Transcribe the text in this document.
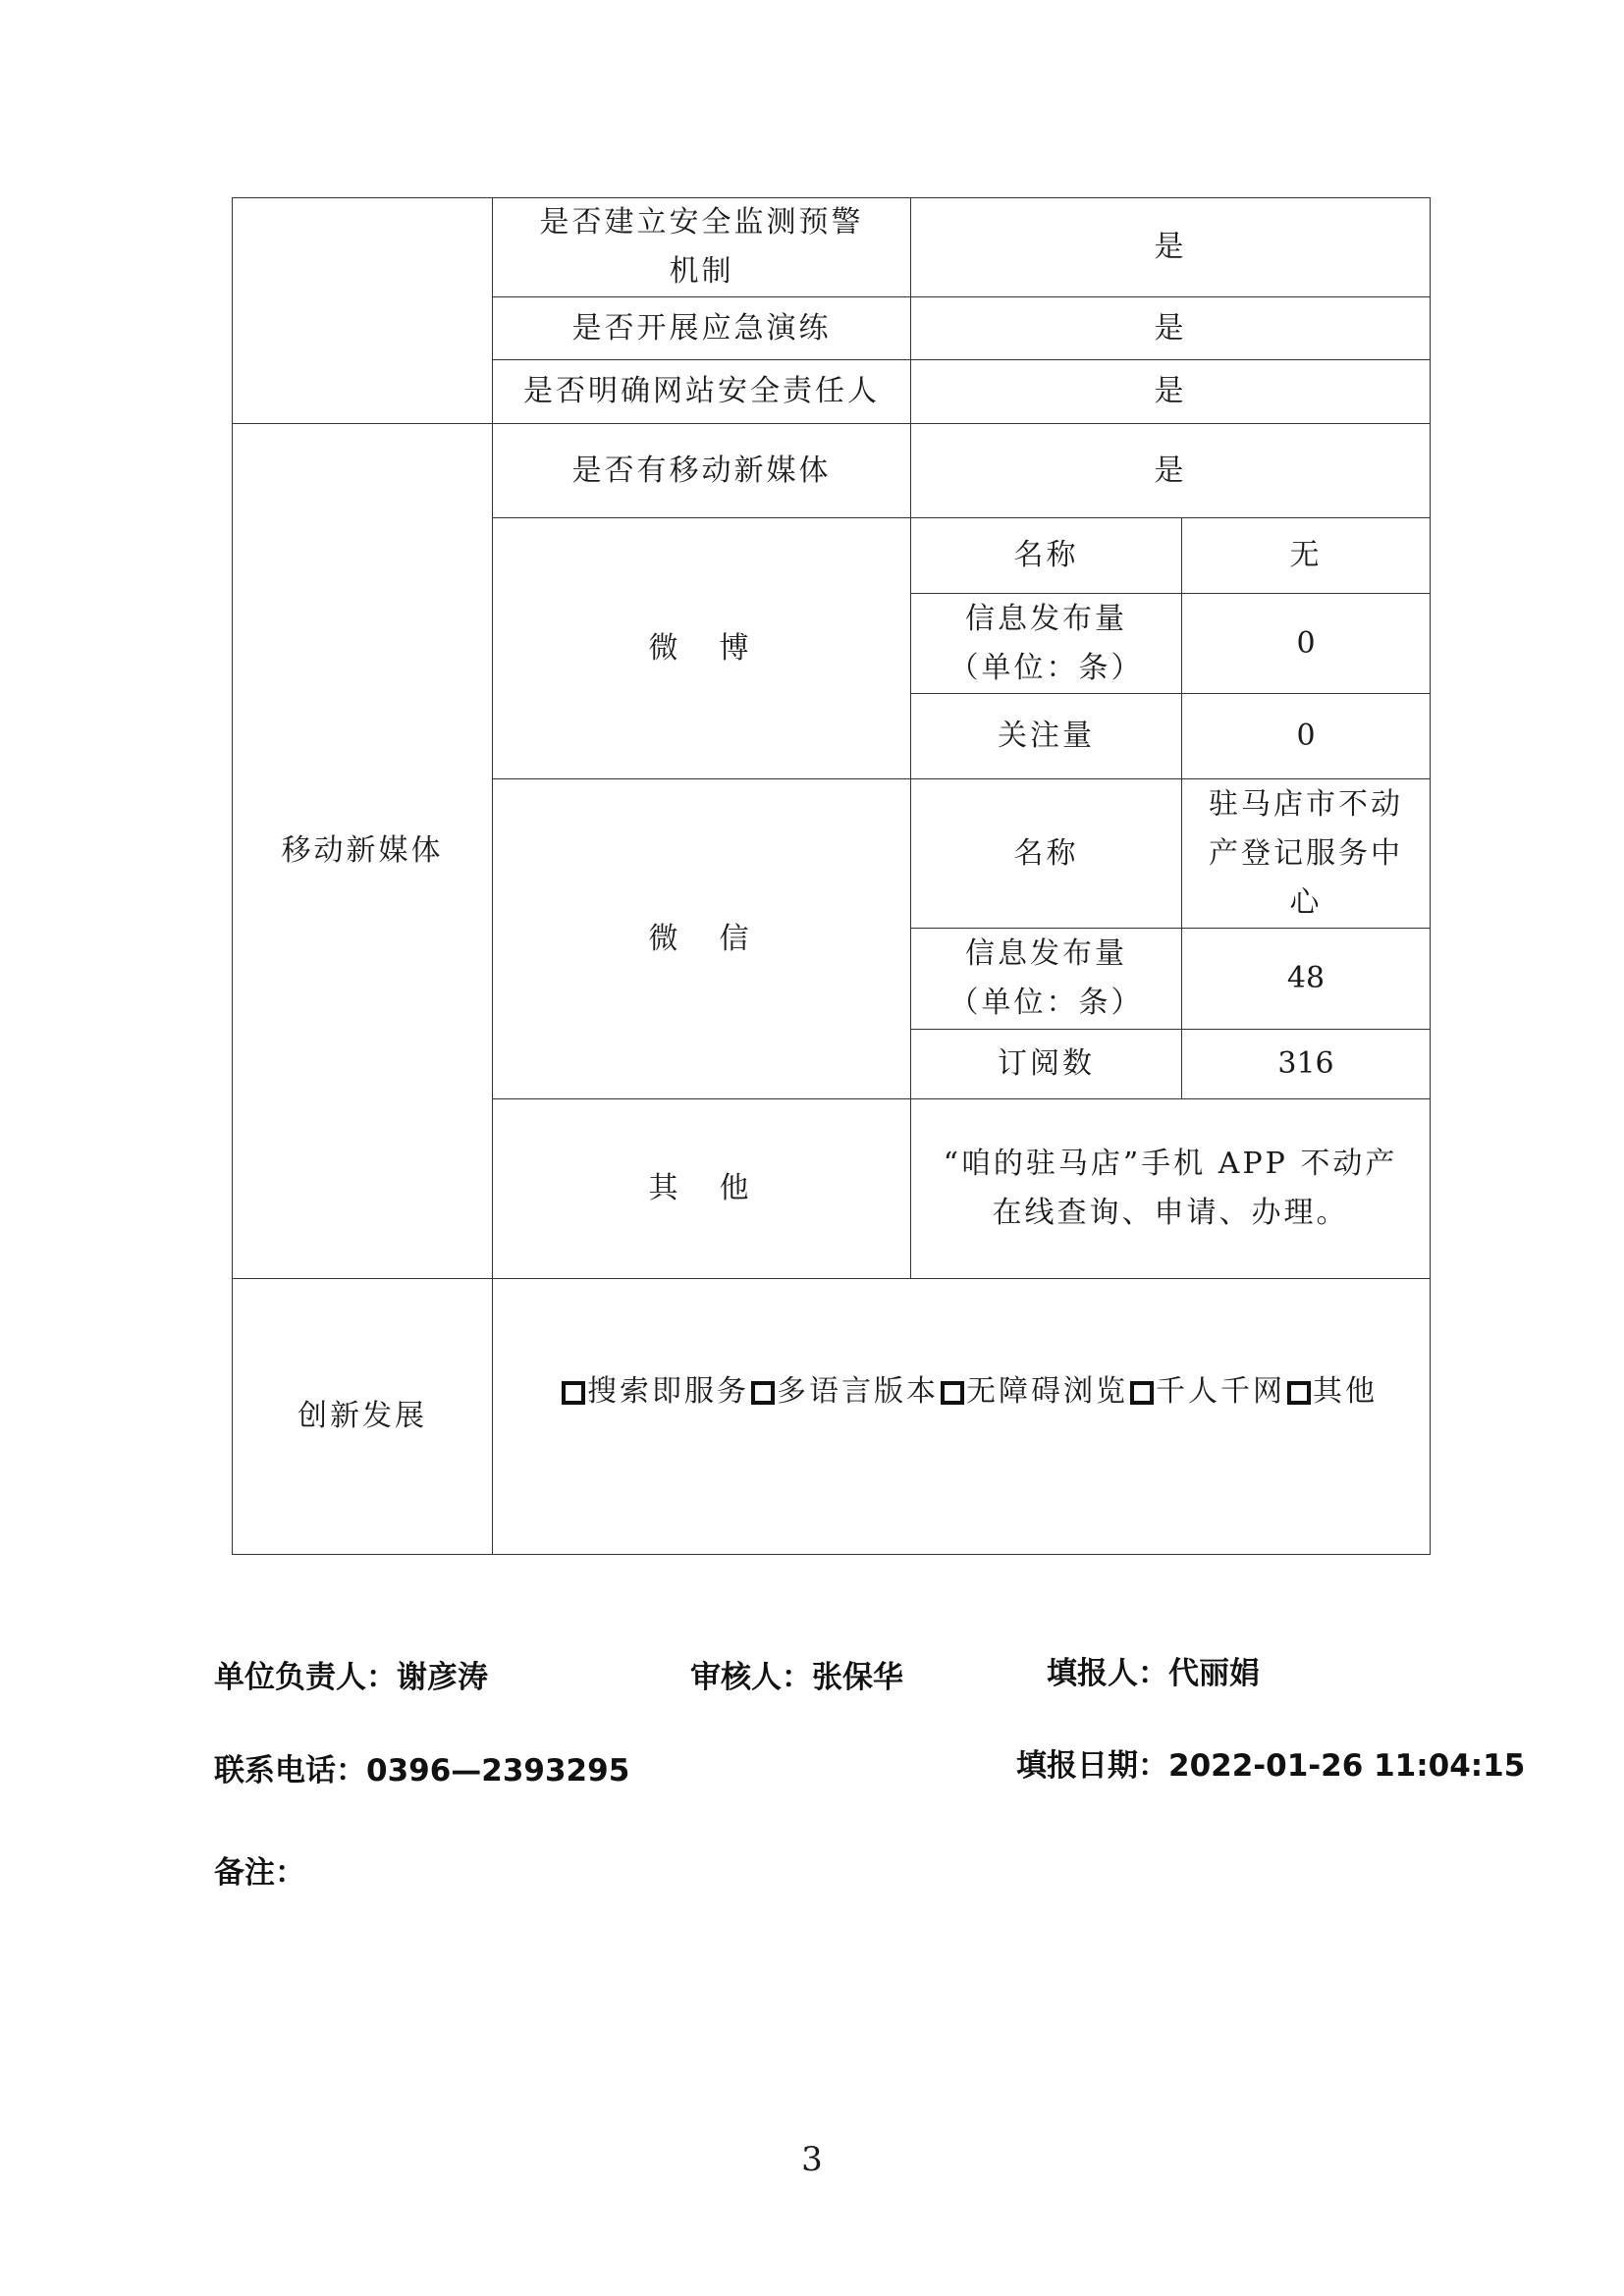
	是否建立安全监测预警机制	是	
	是否开展应急演练	是	
	是否明确网站安全责任人	是	
移动新媒体	是否有移动新媒体	是	
	微　博	名称	无
		信息发布量（单位：条）	0
		关注量	0
	微　信	名称	驻马店市不动产登记服务中心
		信息发布量（单位：条）	48
		订阅数	316
	其　他	“咱的驻马店”手机 APP 不动产在线查询、申请、办理。	
创新发展	搜索即服务 多语言版本 无障碍浏览 千人千网 其他		
单位负责人：谢彦涛	审核人：张保华	填报人：代丽娟
联系电话：0396—2393295	填报日期：2022-01-26 11:04:15
备注：
3
